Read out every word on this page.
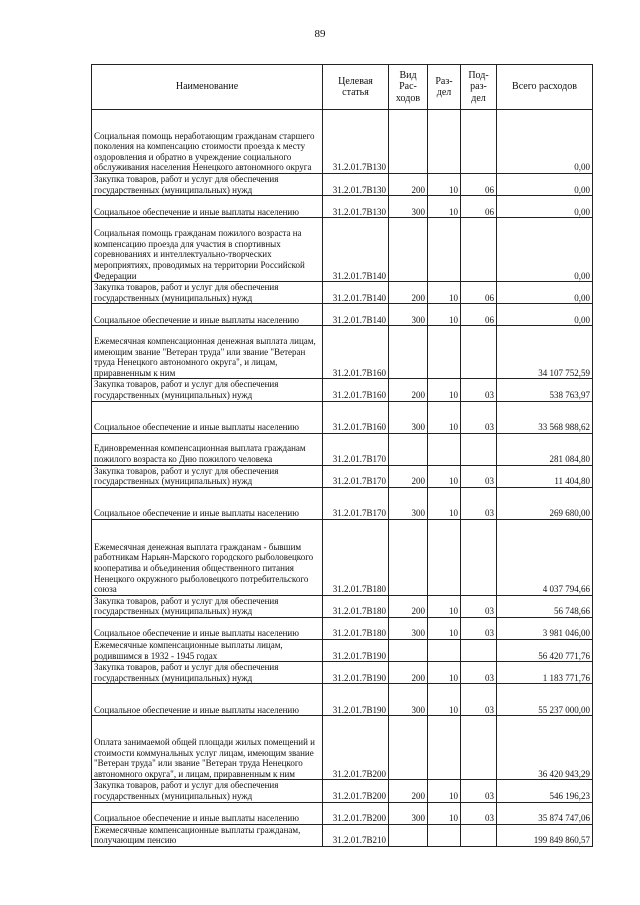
89
Наименование	Целевая статья	Вид Рас-ходов	Раз-дел	Под-раз-дел	Всего расходов
Социальная помощь неработающим гражданам старшего поколения на компенсацию стоимости проезда к месту оздоровления и обратно в учреждение социального обслуживания населения Ненецкого автономного округа	31.2.01.7В130				0,00
Закупка товаров, работ и услуг для обеспечения государственных (муниципальных) нужд	31.2.01.7В130	200	10	06	0,00
Социальное обеспечение и иные выплаты населению	31.2.01.7В130	300	10	06	0,00
Социальная помощь гражданам пожилого возраста на компенсацию проезда для участия в спортивных соревнованиях и интеллектуально-творческих мероприятиях, проводимых на территории Российской Федерации	31.2.01.7В140				0,00
Закупка товаров, работ и услуг для обеспечения государственных (муниципальных) нужд	31.2.01.7В140	200	10	06	0,00
Социальное обеспечение и иные выплаты населению	31.2.01.7В140	300	10	06	0,00
Ежемесячная компенсационная денежная выплата лицам, имеющим звание "Ветеран труда" или звание "Ветеран труда Ненецкого автономного округа", и лицам, приравненным к ним	31.2.01.7В160				34 107 752,59
Закупка товаров, работ и услуг для обеспечения государственных (муниципальных) нужд	31.2.01.7В160	200	10	03	538 763,97
Социальное обеспечение и иные выплаты населению	31.2.01.7В160	300	10	03	33 568 988,62
Единовременная компенсационная выплата гражданам пожилого возраста ко Дню пожилого человека	31.2.01.7В170				281 084,80
Закупка товаров, работ и услуг для обеспечения государственных (муниципальных) нужд	31.2.01.7В170	200	10	03	11 404,80
Социальное обеспечение и иные выплаты населению	31.2.01.7В170	300	10	03	269 680,00
Ежемесячная денежная выплата гражданам - бывшим работникам Нарьян-Марского городского рыболовецкого кооператива и объединения общественного питания Ненецкого окружного рыболовецкого потребительского союза	31.2.01.7В180				4 037 794,66
Закупка товаров, работ и услуг для обеспечения государственных (муниципальных) нужд	31.2.01.7В180	200	10	03	56 748,66
Социальное обеспечение и иные выплаты населению	31.2.01.7В180	300	10	03	3 981 046,00
Ежемесячные компенсационные выплаты лицам, родившимся в 1932 - 1945 годах	31.2.01.7В190				56 420 771,76
Закупка товаров, работ и услуг для обеспечения государственных (муниципальных) нужд	31.2.01.7В190	200	10	03	1 183 771,76
Социальное обеспечение и иные выплаты населению	31.2.01.7В190	300	10	03	55 237 000,00
Оплата занимаемой общей площади жилых помещений и стоимости коммунальных услуг лицам, имеющим звание "Ветеран труда" или звание "Ветеран труда Ненецкого автономного округа", и лицам, приравненным к ним	31.2.01.7В200				36 420 943,29
Закупка товаров, работ и услуг для обеспечения государственных (муниципальных) нужд	31.2.01.7В200	200	10	03	546 196,23
Социальное обеспечение и иные выплаты населению	31.2.01.7В200	300	10	03	35 874 747,06
Ежемесячные компенсационные выплаты гражданам, получающим пенсию	31.2.01.7В210				199 849 860,57
